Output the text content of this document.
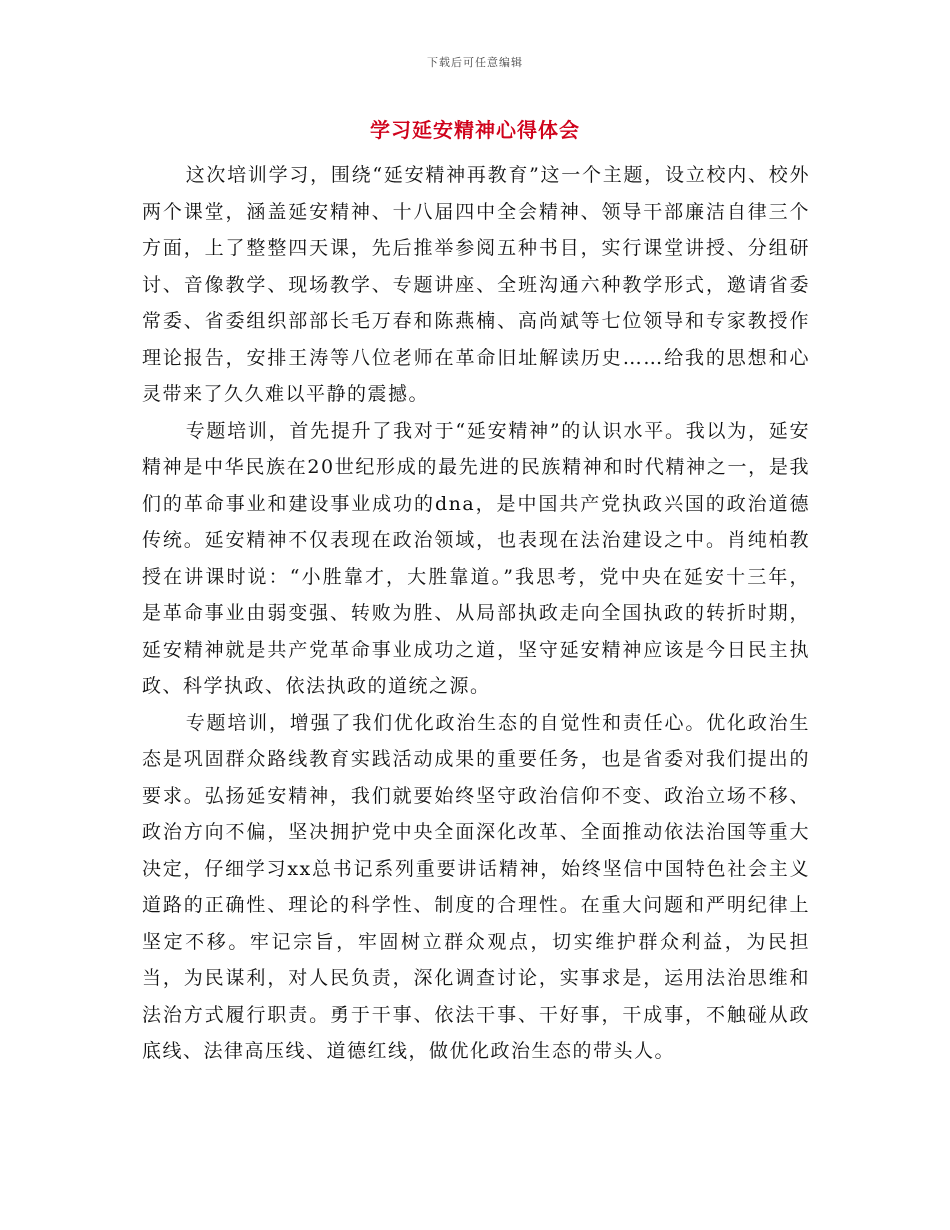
下载后可任意编辑
学习延安精神心得体会

这次培训学习，围绕“延安精神再教育”这一个主题，设立校内、校外两个课堂，涵盖延安精神、十八届四中全会精神、领导干部廉洁自律三个方面，上了整整四天课，先后推举参阅五种书目，实行课堂讲授、分组研讨、音像教学、现场教学、专题讲座、全班沟通六种教学形式，邀请省委常委、省委组织部部长毛万春和陈燕楠、高尚斌等七位领导和专家教授作理论报告，安排王涛等八位老师在革命旧址解读历史……给我的思想和心灵带来了久久难以平静的震撼。

专题培训，首先提升了我对于“延安精神”的认识水平。我以为，延安精神是中华民族在20世纪形成的最先进的民族精神和时代精神之一，是我们的革命事业和建设事业成功的dna，是中国共产党执政兴国的政治道德传统。延安精神不仅表现在政治领域，也表现在法治建设之中。肖纯柏教授在讲课时说：“小胜靠才，大胜靠道。”我思考，党中央在延安十三年，是革命事业由弱变强、转败为胜、从局部执政走向全国执政的转折时期，延安精神就是共产党革命事业成功之道，坚守延安精神应该是今日民主执政、科学执政、依法执政的道统之源。

专题培训，增强了我们优化政治生态的自觉性和责任心。优化政治生态是巩固群众路线教育实践活动成果的重要任务，也是省委对我们提出的要求。弘扬延安精神，我们就要始终坚守政治信仰不变、政治立场不移、政治方向不偏，坚决拥护党中央全面深化改革、全面推动依法治国等重大决定，仔细学习xx总书记系列重要讲话精神，始终坚信中国特色社会主义道路的正确性、理论的科学性、制度的合理性。在重大问题和严明纪律上坚定不移。牢记宗旨，牢固树立群众观点，切实维护群众利益，为民担当，为民谋利，对人民负责，深化调查讨论，实事求是，运用法治思维和法治方式履行职责。勇于干事、依法干事、干好事，干成事，不触碰从政底线、法律高压线、道德红线，做优化政治生态的带头人。
